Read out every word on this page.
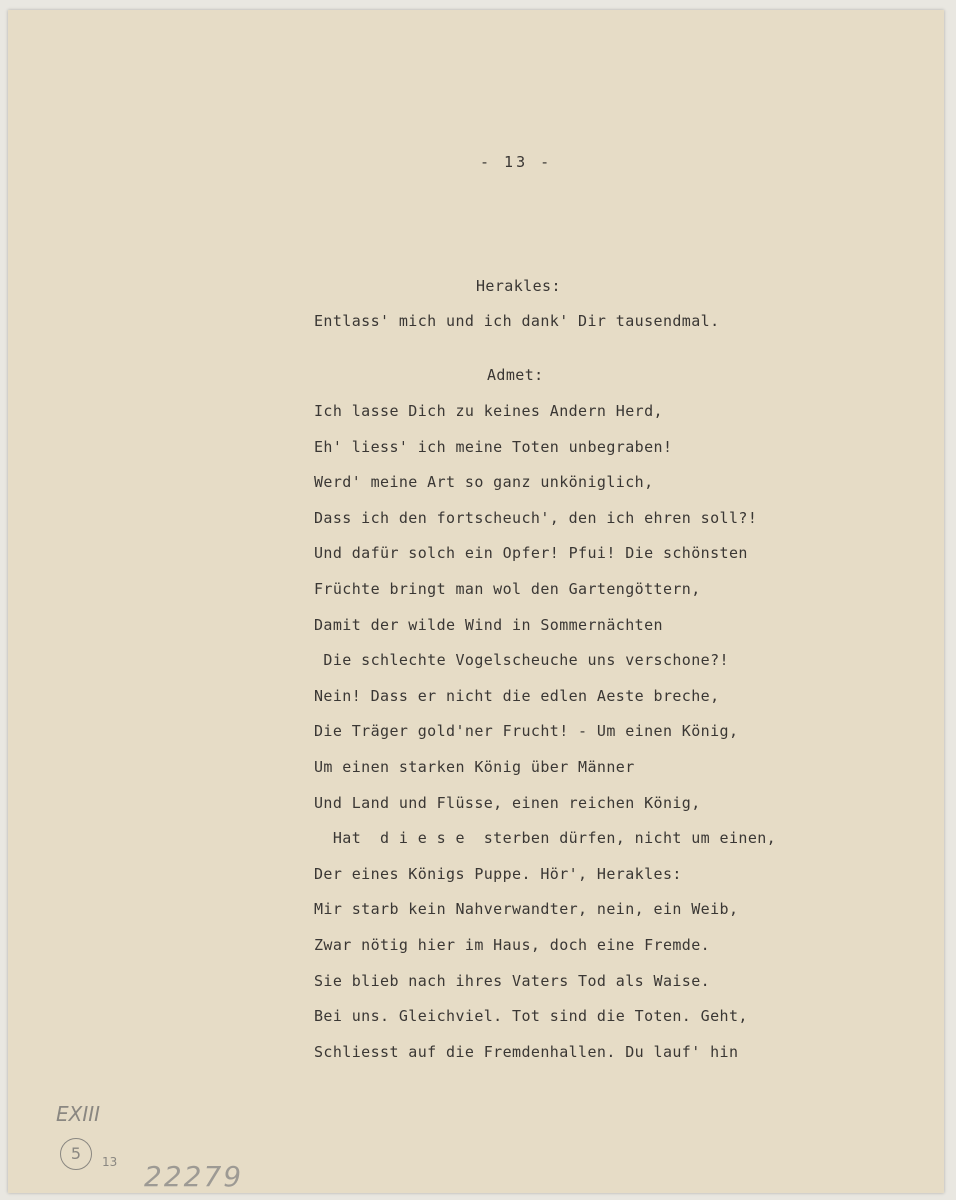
- 13 -
Herakles:
Entlass' mich und ich dank' Dir tausendmal.
Admet:
Ich lasse Dich zu keines Andern Herd,
Eh' liess' ich meine Toten unbegraben!
Werd' meine Art so ganz unköniglich,
Dass ich den fortscheuch', den ich ehren soll?!
Und dafür solch ein Opfer! Pfui! Die schönsten
Früchte bringt man wol den Gartengöttern,
Damit der wilde Wind in Sommernächten
Die schlechte Vogelscheuche uns verschone?!
Nein! Dass er nicht die edlen Aeste breche,
Die Träger gold'ner Frucht! - Um einen König,
Um einen starken König über Männer
Und Land und Flüsse, einen reichen König,
Hat  d i e s e  sterben dürfen, nicht um einen,
Der eines Königs Puppe. Hör', Herakles:
Mir starb kein Nahverwandter, nein, ein Weib,
Zwar nötig hier im Haus, doch eine Fremde.
Sie blieb nach ihres Vaters Tod als Waise.
Bei uns. Gleichviel. Tot sind die Toten. Geht,
Schliesst auf die Fremdenhallen. Du lauf' hin
EXIII
5	13 22279
